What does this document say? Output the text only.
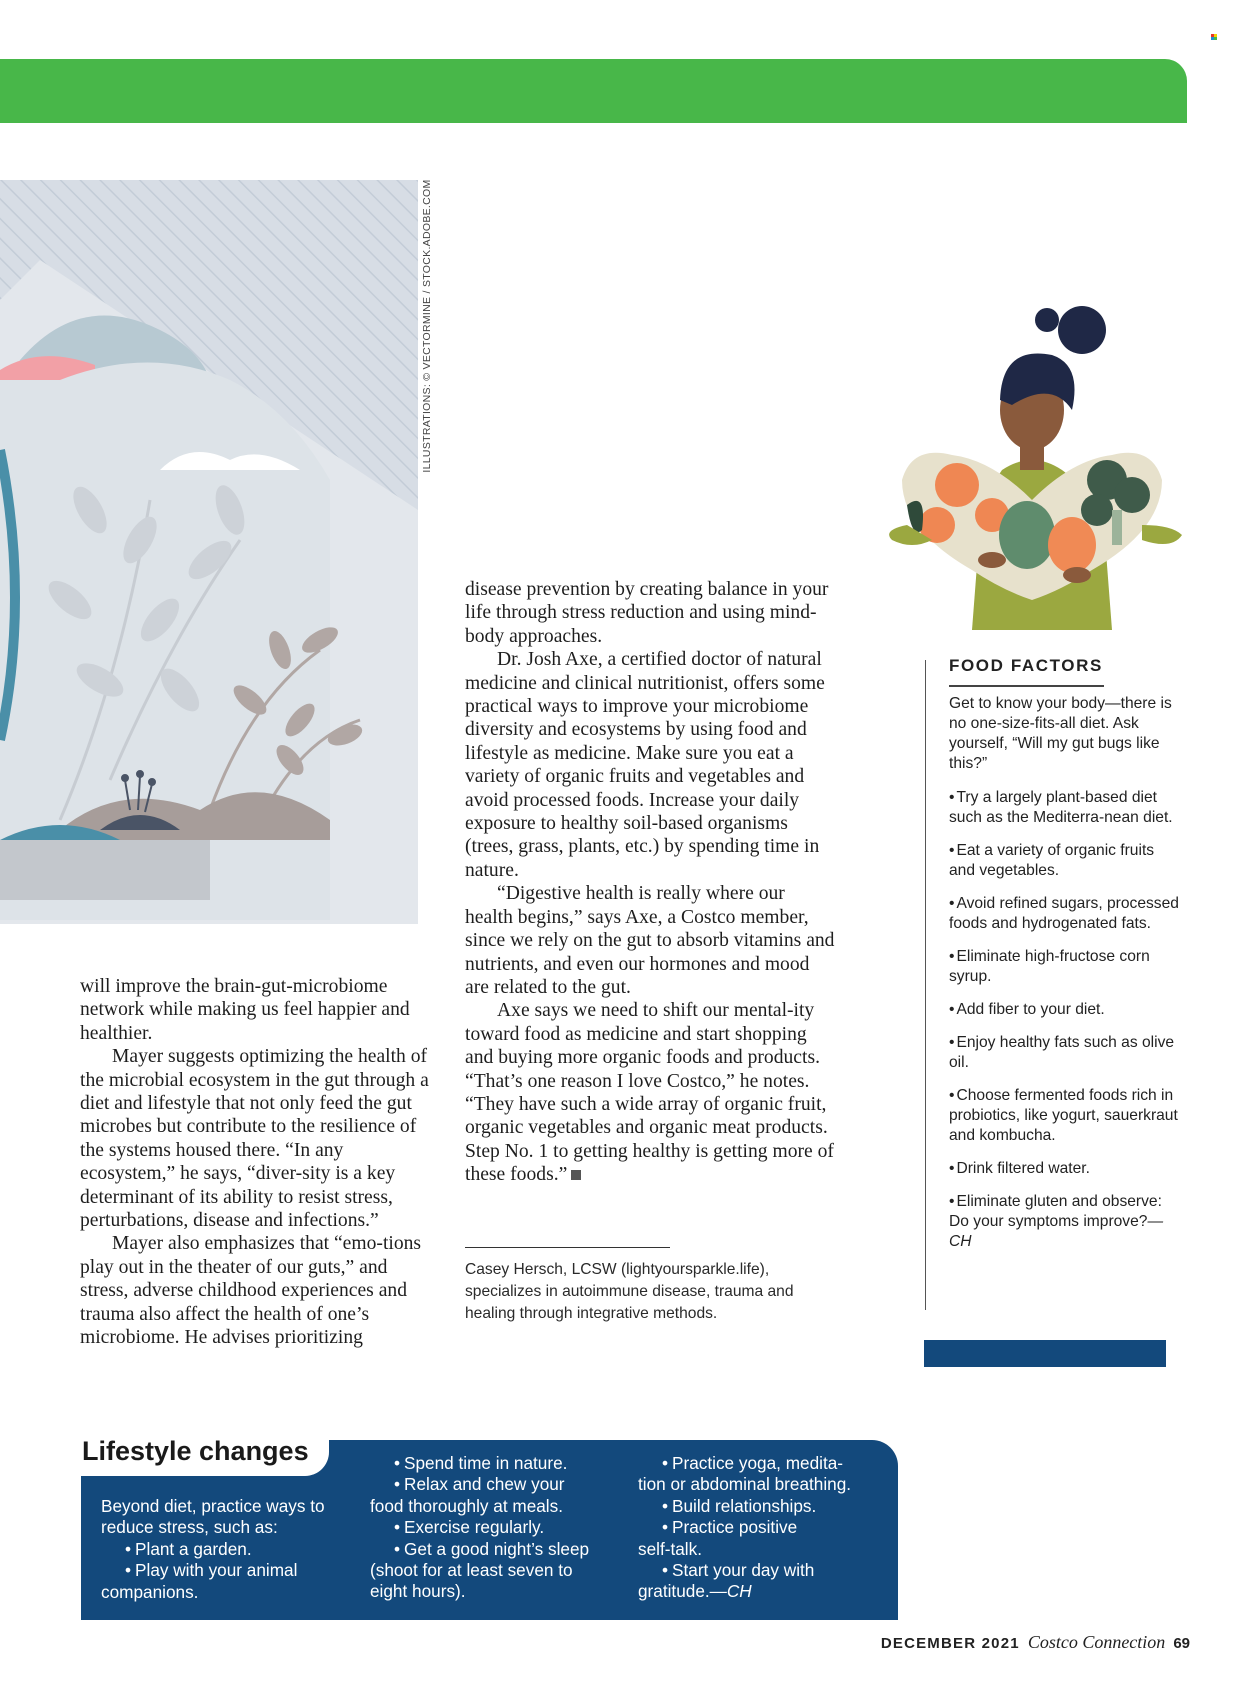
ILLUSTRATIONS: © VECTORMINE / STOCK.ADOBE.COM

will improve the brain-gut-microbiome network while making us feel happier and healthier.

Mayer suggests optimizing the health of the microbial ecosystem in the gut through a diet and lifestyle that not only feed the gut microbes but contribute to the resilience of the systems housed there. “In any ecosystem,” he says, “diver-sity is a key determinant of its ability to resist stress, perturbations, disease and infections.”

Mayer also emphasizes that “emo-tions play out in the theater of our guts,” and stress, adverse childhood experiences and trauma also affect the health of one’s microbiome. He advises prioritizing

disease prevention by creating balance in your life through stress reduction and using mind-body approaches.

Dr. Josh Axe, a certified doctor of natural medicine and clinical nutritionist, offers some practical ways to improve your microbiome diversity and ecosystems by using food and lifestyle as medicine. Make sure you eat a variety of organic fruits and vegetables and avoid processed foods. Increase your daily exposure to healthy soil-based organisms (trees, grass, plants, etc.) by spending time in nature.

“Digestive health is really where our health begins,” says Axe, a Costco member, since we rely on the gut to absorb vitamins and nutrients, and even our hormones and mood are related to the gut.

Axe says we need to shift our mental-ity toward food as medicine and start shopping and buying more organic foods and products. “That’s one reason I love Costco,” he notes. “They have such a wide array of organic fruit, organic vegetables and organic meat products. Step No. 1 to getting healthy is getting more of these foods.”

Casey Hersch, LCSW (lightyoursparkle.life), specializes in autoimmune disease, trauma and healing through integrative methods.
FOOD FACTORS
Get to know your body—there is no one-size-fits-all diet. Ask yourself, “Will my gut bugs like this?”
• Try a largely plant-based diet such as the Mediterra-nean diet.
• Eat a variety of organic fruits and vegetables.
• Avoid refined sugars, processed foods and hydrogenated fats.
• Eliminate high-fructose corn syrup.
• Add fiber to your diet.
• Enjoy healthy fats such as olive oil.
• Choose fermented foods rich in probiotics, like yogurt, sauerkraut and kombucha.
• Drink filtered water.
• Eliminate gluten and observe: Do your symptoms improve?—CH
Lifestyle changes
Beyond diet, practice ways to reduce stress, such as:
• Plant a garden.
• Play with your animal
companions.
• Spend time in nature.
• Relax and chew your
food thoroughly at meals.
• Exercise regularly.
• Get a good night’s sleep
(shoot for at least seven to
eight hours).
• Practice yoga, medita-
tion or abdominal breathing.
• Build relationships.
• Practice positive
self-talk.
• Start your day with
gratitude.—CH
DECEMBER 2021 Costco Connection 69
